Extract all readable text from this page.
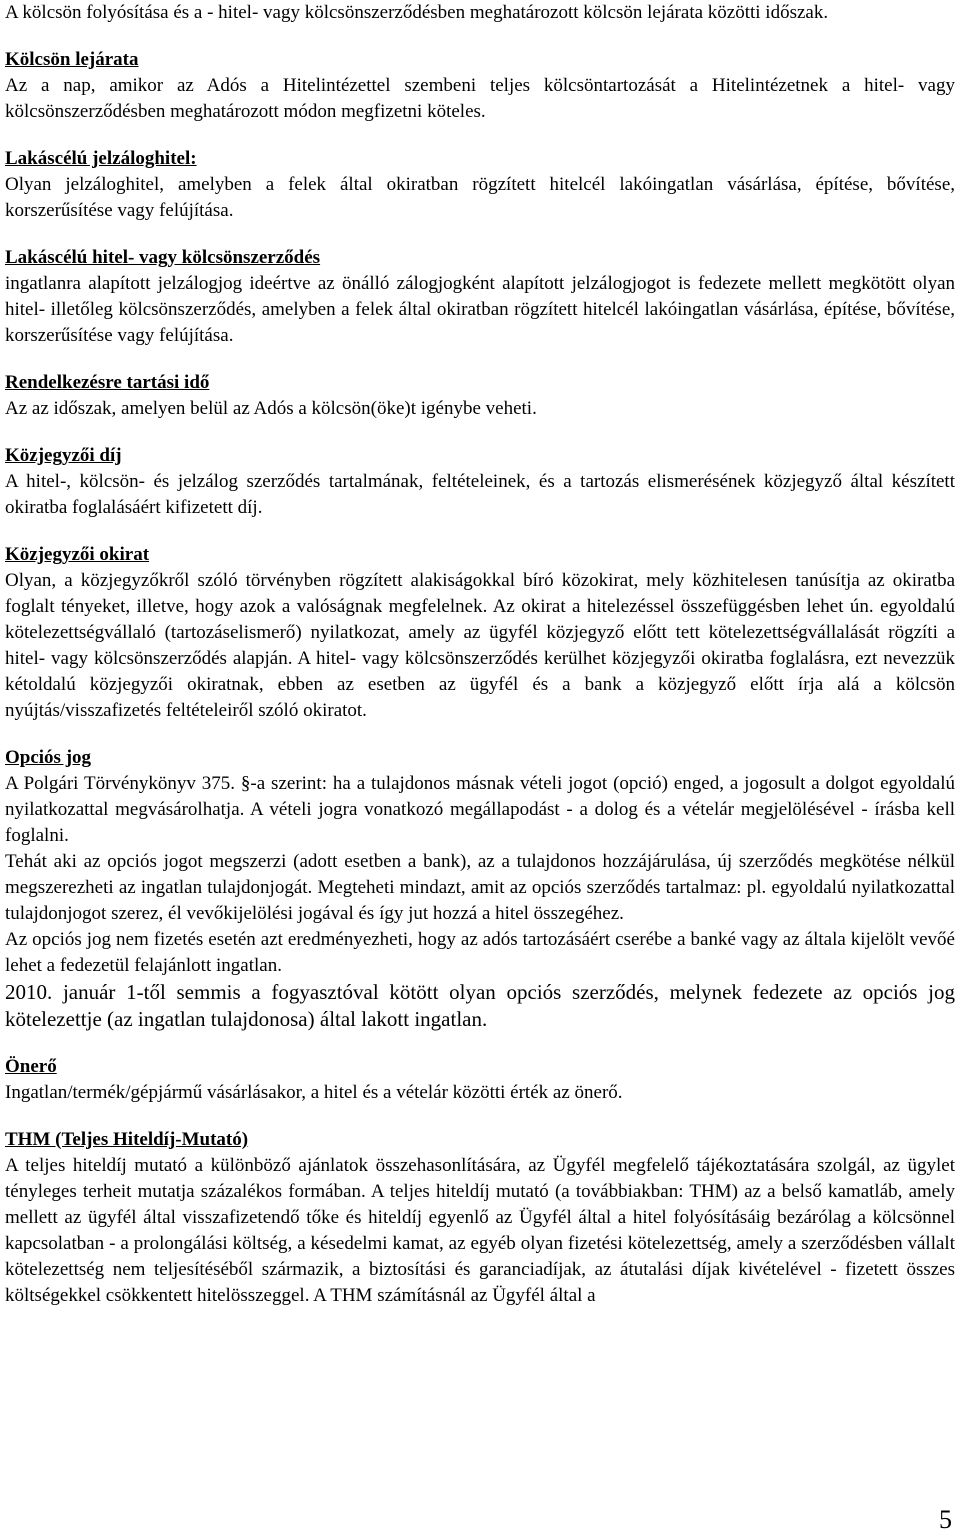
A kölcsön folyósítása és a - hitel- vagy kölcsönszerződésben meghatározott kölcsön lejárata közötti időszak.

Kölcsön lejárata
Az a nap, amikor az Adós a Hitelintézettel szembeni teljes kölcsöntartozását a Hitelintézetnek a hitel- vagy kölcsönszerződésben meghatározott módon megfizetni köteles.
Lakáscélú jelzáloghitel:
Olyan jelzáloghitel, amelyben a felek által okiratban rögzített hitelcél lakóingatlan vásárlása, építése, bővítése, korszerűsítése vagy felújítása.
Lakáscélú hitel- vagy kölcsönszerződés
ingatlanra alapított jelzálogjog ideértve az önálló zálogjogként alapított jelzálogjogot is fedezete mellett megkötött olyan hitel- illetőleg kölcsönszerződés, amelyben a felek által okiratban rögzített hitelcél lakóingatlan vásárlása, építése, bővítése, korszerűsítése vagy felújítása.
Rendelkezésre tartási idő
Az az időszak, amelyen belül az Adós a kölcsön(öke)t igénybe veheti.
Közjegyzői díj
A hitel-, kölcsön- és jelzálog szerződés tartalmának, feltételeinek, és a tartozás elismerésének közjegyző által készített okiratba foglalásáért kifizetett díj.
Közjegyzői okirat
Olyan, a közjegyzőkről szóló törvényben rögzített alakiságokkal bíró közokirat, mely közhitelesen tanúsítja az okiratba foglalt tényeket, illetve, hogy azok a valóságnak megfelelnek. Az okirat a hitelezéssel összefüggésben lehet ún. egyoldalú kötelezettségvállaló (tartozáselismerő) nyilatkozat, amely az ügyfél közjegyző előtt tett kötelezettségvállalását rögzíti a hitel- vagy kölcsönszerződés alapján. A hitel- vagy kölcsönszerződés kerülhet közjegyzői okiratba foglalásra, ezt nevezzük kétoldalú közjegyzői okiratnak, ebben az esetben az ügyfél és a bank a közjegyző előtt írja alá a kölcsön nyújtás/visszafizetés feltételeiről szóló okiratot.
Opciós jog
A Polgári Törvénykönyv 375. §-a szerint: ha a tulajdonos másnak vételi jogot (opció) enged, a jogosult a dolgot egyoldalú nyilatkozattal megvásárolhatja. A vételi jogra vonatkozó megállapodást - a dolog és a vételár megjelölésével - írásba kell foglalni.
Tehát aki az opciós jogot megszerzi (adott esetben a bank), az a tulajdonos hozzájárulása, új szerződés megkötése nélkül megszerezheti az ingatlan tulajdonjogát. Megteheti mindazt, amit az opciós szerződés tartalmaz: pl. egyoldalú nyilatkozattal tulajdonjogot szerez, él vevőkijelölési jogával és így jut hozzá a hitel összegéhez.
Az opciós jog nem fizetés esetén azt eredményezheti, hogy az adós tartozásáért cserébe a banké vagy az általa kijelölt vevőé lehet a fedezetül felajánlott ingatlan.
2010. január 1-től semmis a fogyasztóval kötött olyan opciós szerződés, melynek fedezete az opciós jog kötelezettje (az ingatlan tulajdonosa) által lakott ingatlan.
Önerő
Ingatlan/termék/gépjármű vásárlásakor, a hitel és a vételár közötti érték az önerő.
THM (Teljes Hiteldíj-Mutató)
A teljes hiteldíj mutató a különböző ajánlatok összehasonlítására, az Ügyfél megfelelő tájékoztatására szolgál, az ügylet tényleges terheit mutatja százalékos formában. A teljes hiteldíj mutató (a továbbiakban: THM) az a belső kamatláb, amely mellett az ügyfél által visszafizetendő tőke és hiteldíj egyenlő az Ügyfél által a hitel folyósításáig bezárólag a kölcsönnel kapcsolatban - a prolongálási költség, a késedelmi kamat, az egyéb olyan fizetési kötelezettség, amely a szerződésben vállalt kötelezettség nem teljesítéséből származik, a biztosítási és garanciadíjak, az átutalási díjak kivételével - fizetett összes költségekkel csökkentett hitelösszeggel. A THM számításnál az Ügyfél által a
5
